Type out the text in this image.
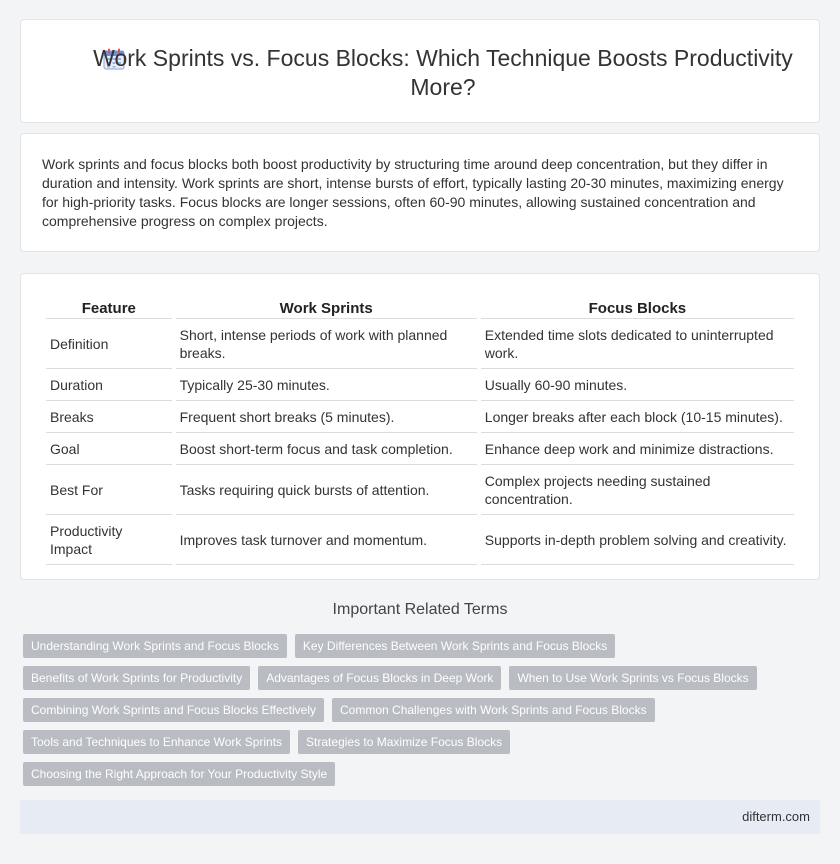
Work Sprints vs. Focus Blocks: Which Technique Boosts Productivity More?

Work sprints and focus blocks both boost productivity by structuring time around deep concentration, but they differ in duration and intensity. Work sprints are short, intense bursts of effort, typically lasting 20-30 minutes, maximizing energy for high-priority tasks. Focus blocks are longer sessions, often 60-90 minutes, allowing sustained concentration and comprehensive progress on complex projects.

Feature	Work Sprints	Focus Blocks
Definition	Short, intense periods of work with planned breaks.	Extended time slots dedicated to uninterrupted work.
Duration	Typically 25-30 minutes.	Usually 60-90 minutes.
Breaks	Frequent short breaks (5 minutes).	Longer breaks after each block (10-15 minutes).
Goal	Boost short-term focus and task completion.	Enhance deep work and minimize distractions.
Best For	Tasks requiring quick bursts of attention.	Complex projects needing sustained concentration.
Productivity Impact	Improves task turnover and momentum.	Supports in-depth problem solving and creativity.
Important Related Terms
Understanding Work Sprints and Focus Blocks	Key Differences Between Work Sprints and Focus Blocks
Benefits of Work Sprints for Productivity	Advantages of Focus Blocks in Deep Work	When to Use Work Sprints vs Focus Blocks
Combining Work Sprints and Focus Blocks Effectively	Common Challenges with Work Sprints and Focus Blocks
Tools and Techniques to Enhance Work Sprints	Strategies to Maximize Focus Blocks
Choosing the Right Approach for Your Productivity Style
difterm.com
